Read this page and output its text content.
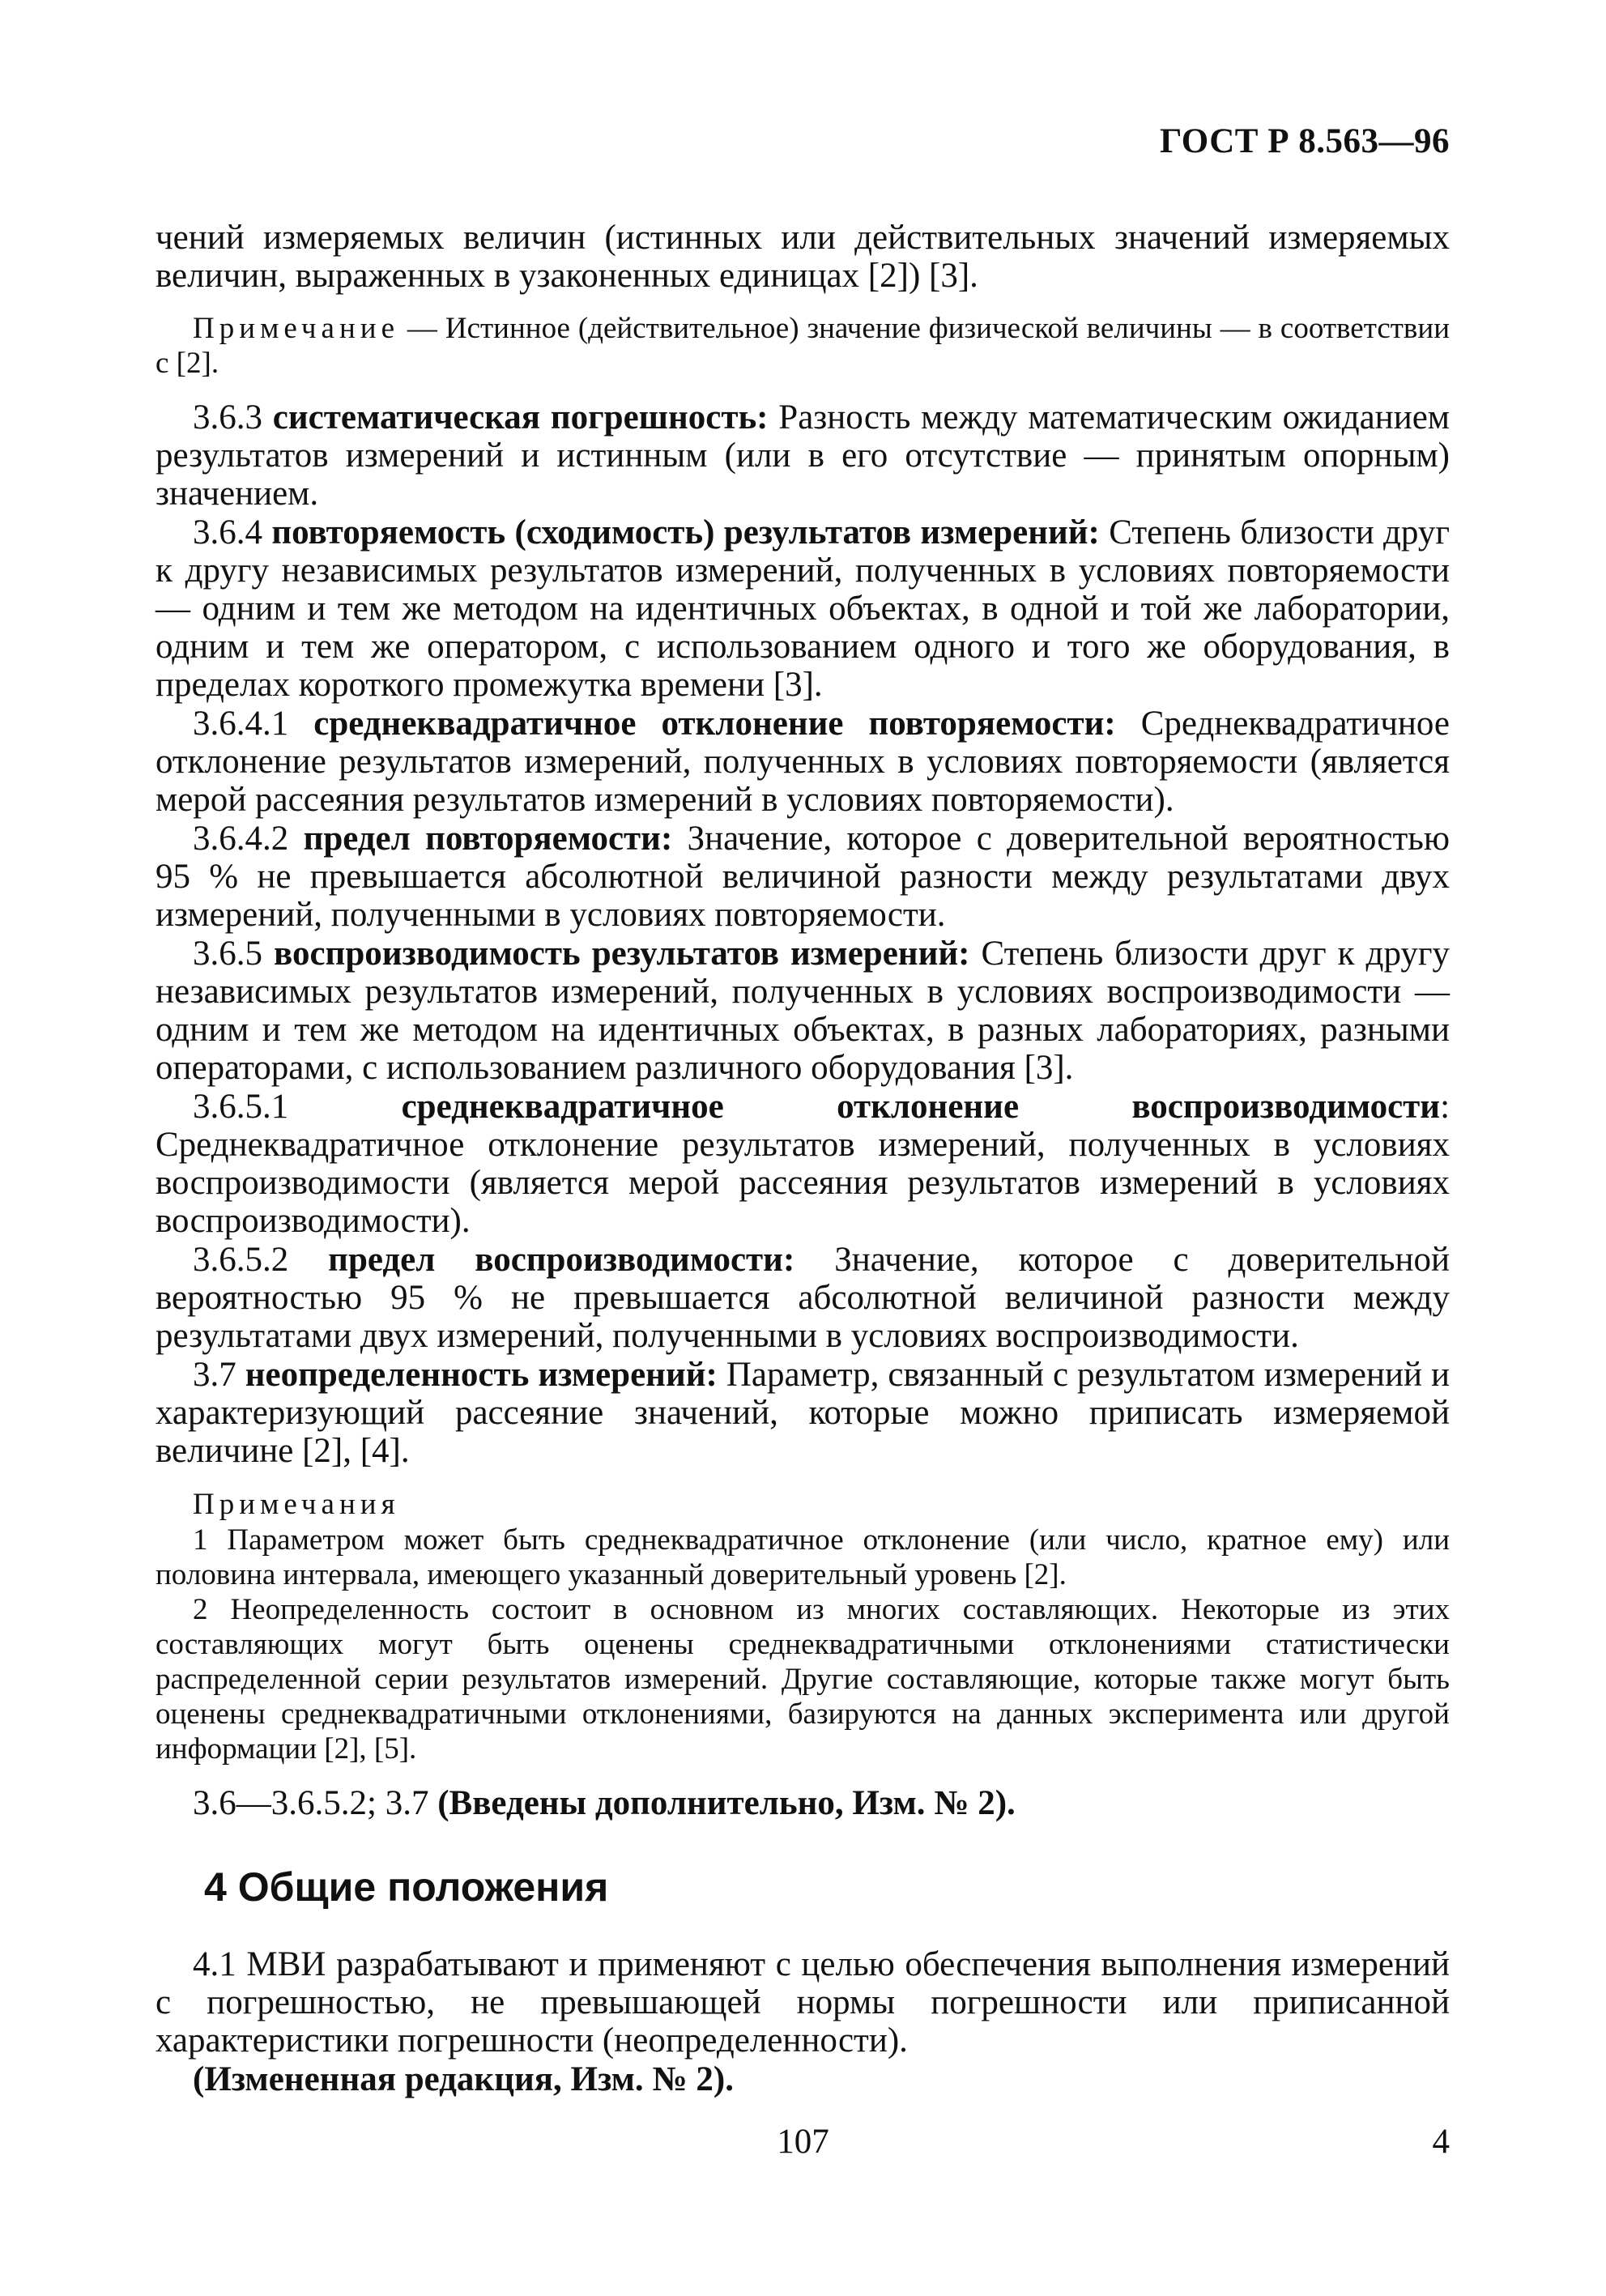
ГОСТ Р 8.563—96

чений измеряемых величин (истинных или действительных значений измеряемых величин, выраженных в узаконенных единицах [2]) [3].

Примечание — Истинное (действительное) значение физической величины — в соответствии с [2].

3.6.3 систематическая погрешность: Разность между математическим ожиданием результатов измерений и истинным (или в его отсутствие — принятым опорным) значением.

3.6.4 повторяемость (сходимость) результатов измерений: Степень близости друг к другу независимых результатов измерений, полученных в условиях повторяемости — одним и тем же методом на идентичных объектах, в одной и той же лаборатории, одним и тем же оператором, с использованием одного и того же оборудования, в пределах короткого промежутка времени [3].

3.6.4.1 среднеквадратичное отклонение повторяемости: Среднеквадратичное отклонение результатов измерений, полученных в условиях повторяемости (является мерой рассеяния результатов измерений в условиях повторяемости).

3.6.4.2 предел повторяемости: Значение, которое с доверительной вероятностью 95 % не превышается абсолютной величиной разности между результатами двух измерений, полученными в условиях повторяемости.

3.6.5 воспроизводимость результатов измерений: Степень близости друг к другу независимых результатов измерений, полученных в условиях воспроизводимости — одним и тем же методом на идентичных объектах, в разных лабораториях, разными операторами, с использованием различного оборудования [3].

3.6.5.1	среднеквадратичное отклонение воспроизводимости: Среднеквадратичное отклонение результатов измерений, полученных в условиях воспроизводимости (является мерой рассеяния результатов измерений в условиях воспроизводимости).

3.6.5.2 предел воспроизводимости: Значение, которое с доверительной вероятностью 95 % не превышается абсолютной величиной разности между результатами двух измерений, полученными в условиях воспроизводимости.

3.7 неопределенность измерений: Параметр, связанный с результатом измерений и характеризующий рассеяние значений, которые можно приписать измеряемой величине [2], [4].

Примечания

1 Параметром может быть среднеквадратичное отклонение (или число, кратное ему) или половина интервала, имеющего указанный доверительный уровень [2].

2 Неопределенность состоит в основном из многих составляющих. Некоторые из этих составляющих могут быть оценены среднеквадратичными отклонениями статистически распределенной серии результатов измерений. Другие составляющие, которые также могут быть оценены среднеквадратичными отклонениями, базируются на данных эксперимента или другой информации [2], [5].

3.6—3.6.5.2; 3.7 (Введены дополнительно, Изм. № 2).

4 Общие положения

4.1 МВИ разрабатывают и применяют с целью обеспечения выполнения измерений с погрешностью, не превышающей нормы погрешности или приписанной характеристики погрешности (неопределенности).

(Измененная редакция, Изм. № 2).

107	4
